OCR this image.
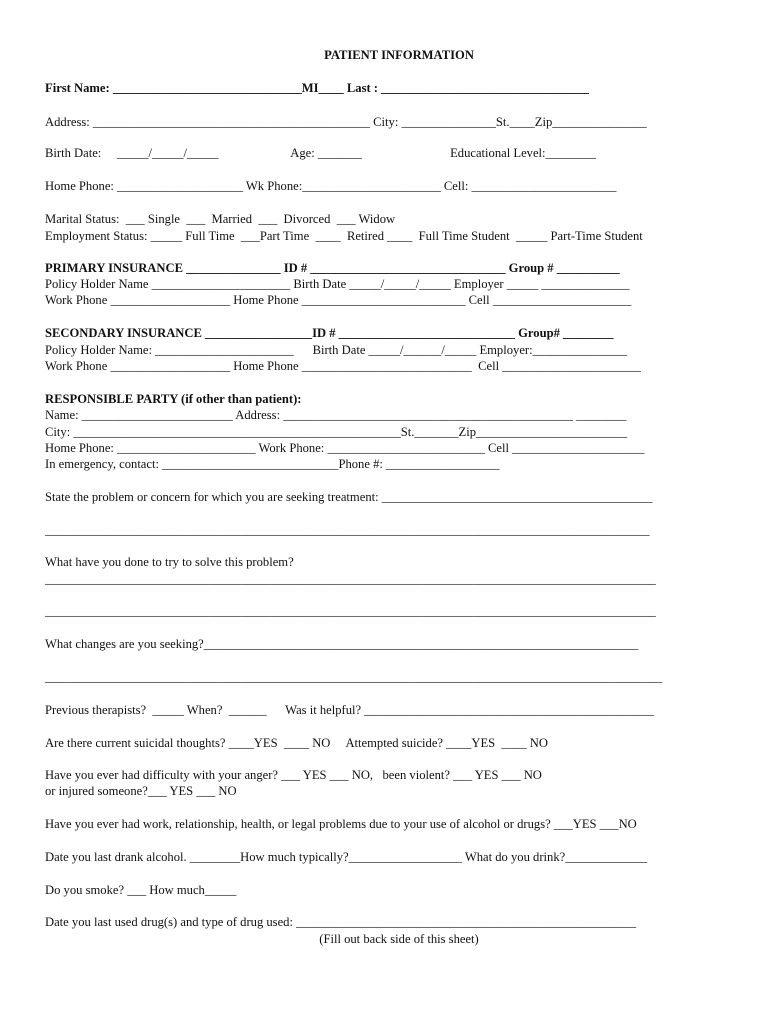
PATIENT INFORMATION
First Name: ______________________________MI____ Last : _________________________________
Address: ____________________________________________ City: _______________St.____Zip_______________
Birth Date:     _____/_____/_____                       Age: _______                            Educational Level:________
Home Phone: ____________________ Wk Phone:______________________ Cell: _______________________
Marital Status:  ___ Single  ___  Married  ___  Divorced  ___ Widow
Employment Status: _____ Full Time  ___Part Time  ____  Retired ____  Full Time Student  _____ Part-Time Student
PRIMARY INSURANCE _______________ ID # _______________________________ Group # __________
Policy Holder Name ______________________ Birth Date _____/_____/_____ Employer _____ ______________
Work Phone ___________________ Home Phone __________________________ Cell ______________________
SECONDARY INSURANCE _________________ID # ____________________________ Group# ________
Policy Holder Name: ______________________      Birth Date _____/______/_____ Employer:_______________
Work Phone ___________________ Home Phone ___________________________  Cell ______________________
RESPONSIBLE PARTY (if other than patient):
Name: ________________________ Address: ______________________________________________ ________
City: ____________________________________________________St._______Zip________________________
Home Phone: ______________________ Work Phone: _________________________ Cell _____________________
In emergency, contact: ____________________________Phone #: __________________
State the problem or concern for which you are seeking treatment: ___________________________________________
________________________________________________________________________________________________
What have you done to try to solve this problem?
_________________________________________________________________________________________________
_________________________________________________________________________________________________
What changes are you seeking?_____________________________________________________________________
__________________________________________________________________________________________________
Previous therapists?  _____ When?  ______      Was it helpful? ______________________________________________
Are there current suicidal thoughts? ____YES  ____ NO     Attempted suicide? ____YES  ____ NO
Have you ever had difficulty with your anger? ___ YES ___ NO,   been violent? ___ YES ___ NO
or injured someone?___ YES ___ NO
Have you ever had work, relationship, health, or legal problems due to your use of alcohol or drugs? ___YES ___NO
Date you last drank alcohol. ________How much typically?__________________ What do you drink?_____________
Do you smoke? ___ How much_____
Date you last used drug(s) and type of drug used: ______________________________________________________
(Fill out back side of this sheet)
